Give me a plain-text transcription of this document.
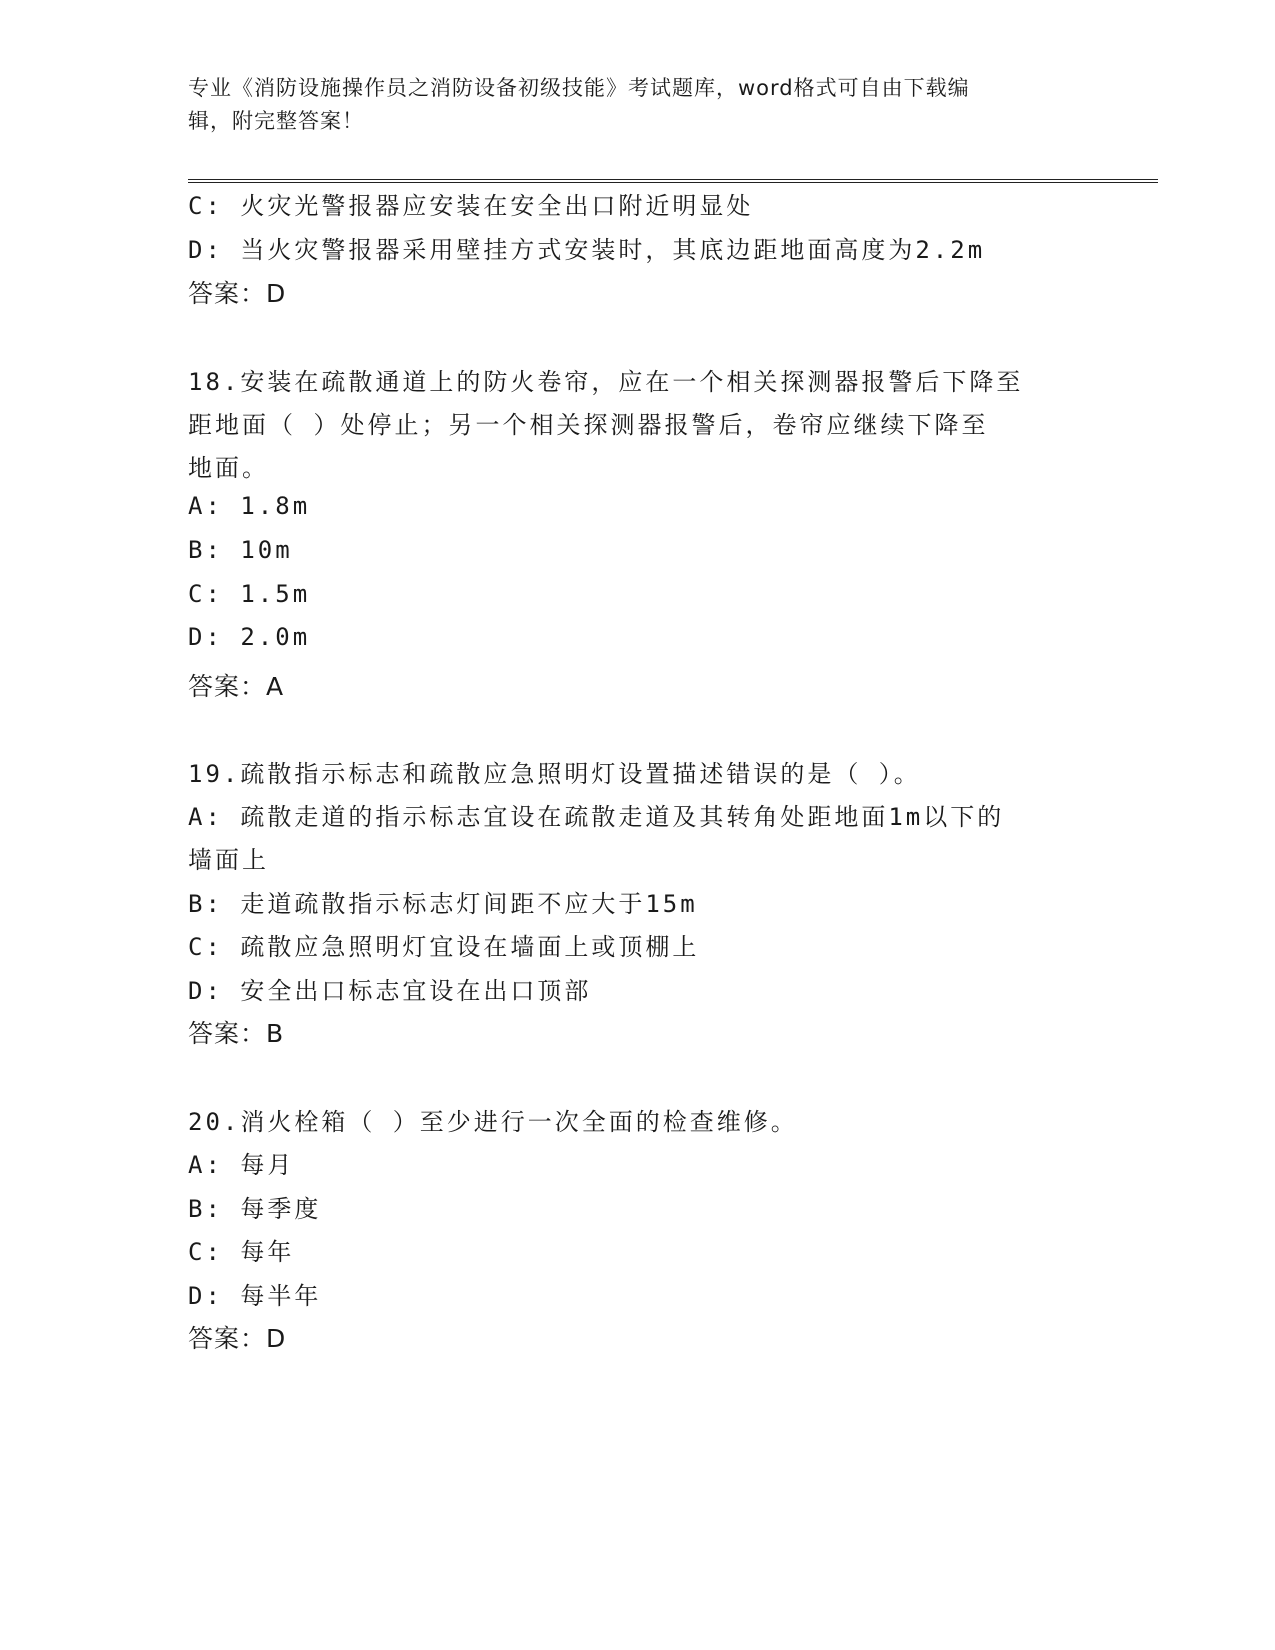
专业《消防设施操作员之消防设备初级技能》考试题库，word格式可自由下载编
辑，附完整答案！
C: 火灾光警报器应安装在安全出口附近明显处
D: 当火灾警报器采用壁挂方式安装时，其底边距地面高度为2.2m
答案：D
18.安装在疏散通道上的防火卷帘，应在一个相关探测器报警后下降至
距地面（ ）处停止；另一个相关探测器报警后，卷帘应继续下降至
地面。
A: 1.8m
B: 10m
C: 1.5m
D: 2.0m
答案：A
19.疏散指示标志和疏散应急照明灯设置描述错误的是（ ）。
A: 疏散走道的指示标志宜设在疏散走道及其转角处距地面1m以下的
墙面上
B: 走道疏散指示标志灯间距不应大于15m
C: 疏散应急照明灯宜设在墙面上或顶棚上
D: 安全出口标志宜设在出口顶部
答案：B
20.消火栓箱（ ）至少进行一次全面的检查维修。
A: 每月
B: 每季度
C: 每年
D: 每半年
答案：D
